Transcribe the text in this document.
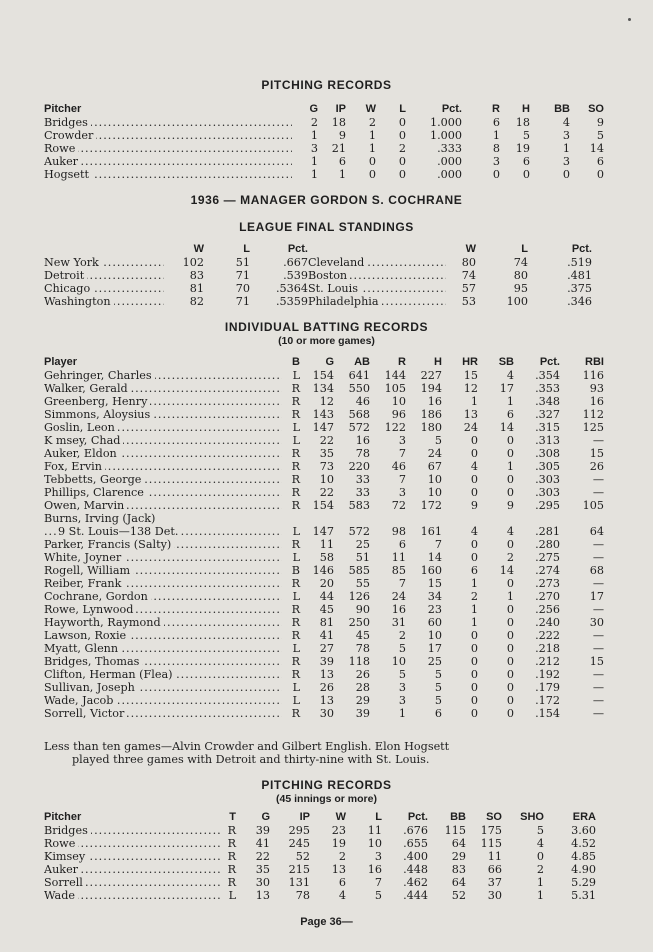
PITCHING RECORDS
Pitcher	G	IP	W	L	Pct.	R	H	BB	SO
Bridges .....	2	18	2	0	1.000	6	18	4	9
Crowder .....	1	9	1	0	1.000	1	5	3	5
Rowe .....	3	21	1	2	.333	8	19	1	14
Auker .....	1	6	0	0	.000	3	6	3	6
Hogsett .....	1	1	0	0	.000	0	0	0	0
1936 — MANAGER GORDON S. COCHRANE
LEAGUE FINAL STANDINGS
	W	L	Pct.		W	L	Pct.
New York .....	102	51	.667	Cleveland .....	80	74	.519
Detroit .....	83	71	.539	Boston .....	74	80	.481
Chicago .....	81	70	.5364	St. Louis .....	57	95	.375
Washington .....	82	71	.5359	Philadelphia .....	53	100	.346
INDIVIDUAL BATTING RECORDS
(10 or more games)
Player	B	G	AB	R	H	HR	SB	Pct.	RBI
Gehringer, Charles .....	L	154	641	144	227	15	4	.354	116
Walker, Gerald .....	R	134	550	105	194	12	17	.353	93
Greenberg, Henry .....	R	12	46	10	16	1	1	.348	16
Simmons, Aloysius .....	R	143	568	96	186	13	6	.327	112
Goslin, Leon .....	L	147	572	122	180	24	14	.315	125
K msey, Chad .....	L	22	16	3	5	0	0	.313	—
Auker, Eldon .....	R	35	78	7	24	0	0	.308	15
Fox, Ervin .....	R	73	220	46	67	4	1	.305	26
Tebbetts, George .....	R	10	33	7	10	0	0	.303	—
Phillips, Clarence .....	R	22	33	3	10	0	0	.303	—
Owen, Marvin .....	R	154	583	72	172	9	9	.295	105
Burns, Irving (Jack)									
9 St. Louis—138 Det. .....	L	147	572	98	161	4	4	.281	64
Parker, Francis (Salty) .....	R	11	25	6	7	0	0	.280	—
White, Joyner .....	L	58	51	11	14	0	2	.275	—
Rogell, William .....	B	146	585	85	160	6	14	.274	68
Reiber, Frank .....	R	20	55	7	15	1	0	.273	—
Cochrane, Gordon .....	L	44	126	24	34	2	1	.270	17
Rowe, Lynwood .....	R	45	90	16	23	1	0	.256	—
Hayworth, Raymond .....	R	81	250	31	60	1	0	.240	30
Lawson, Roxie .....	R	41	45	2	10	0	0	.222	—
Myatt, Glenn .....	L	27	78	5	17	0	0	.218	—
Bridges, Thomas .....	R	39	118	10	25	0	0	.212	15
Clifton, Herman (Flea) .....	R	13	26	5	5	0	0	.192	—
Sullivan, Joseph .....	L	26	28	3	5	0	0	.179	—
Wade, Jacob .....	L	13	29	3	5	0	0	.172	—
Sorrell, Victor .....	R	30	39	1	6	0	0	.154	—
Less than ten games—Alvin Crowder and Gilbert English. Elon Hogsett
played three games with Detroit and thirty-nine with St. Louis.
PITCHING RECORDS
(45 innings or more)
Pitcher	T	G	IP	W	L	Pct.	BB	SO	SHO	ERA
Bridges .....	R	39	295	23	11	.676	115	175	5	3.60
Rowe .....	R	41	245	19	10	.655	64	115	4	4.52
Kimsey .....	R	22	52	2	3	.400	29	11	0	4.85
Auker .....	R	35	215	13	16	.448	83	66	2	4.90
Sorrell .....	R	30	131	6	7	.462	64	37	1	5.29
Wade .....	L	13	78	4	5	.444	52	30	1	5.31
Page 36—
